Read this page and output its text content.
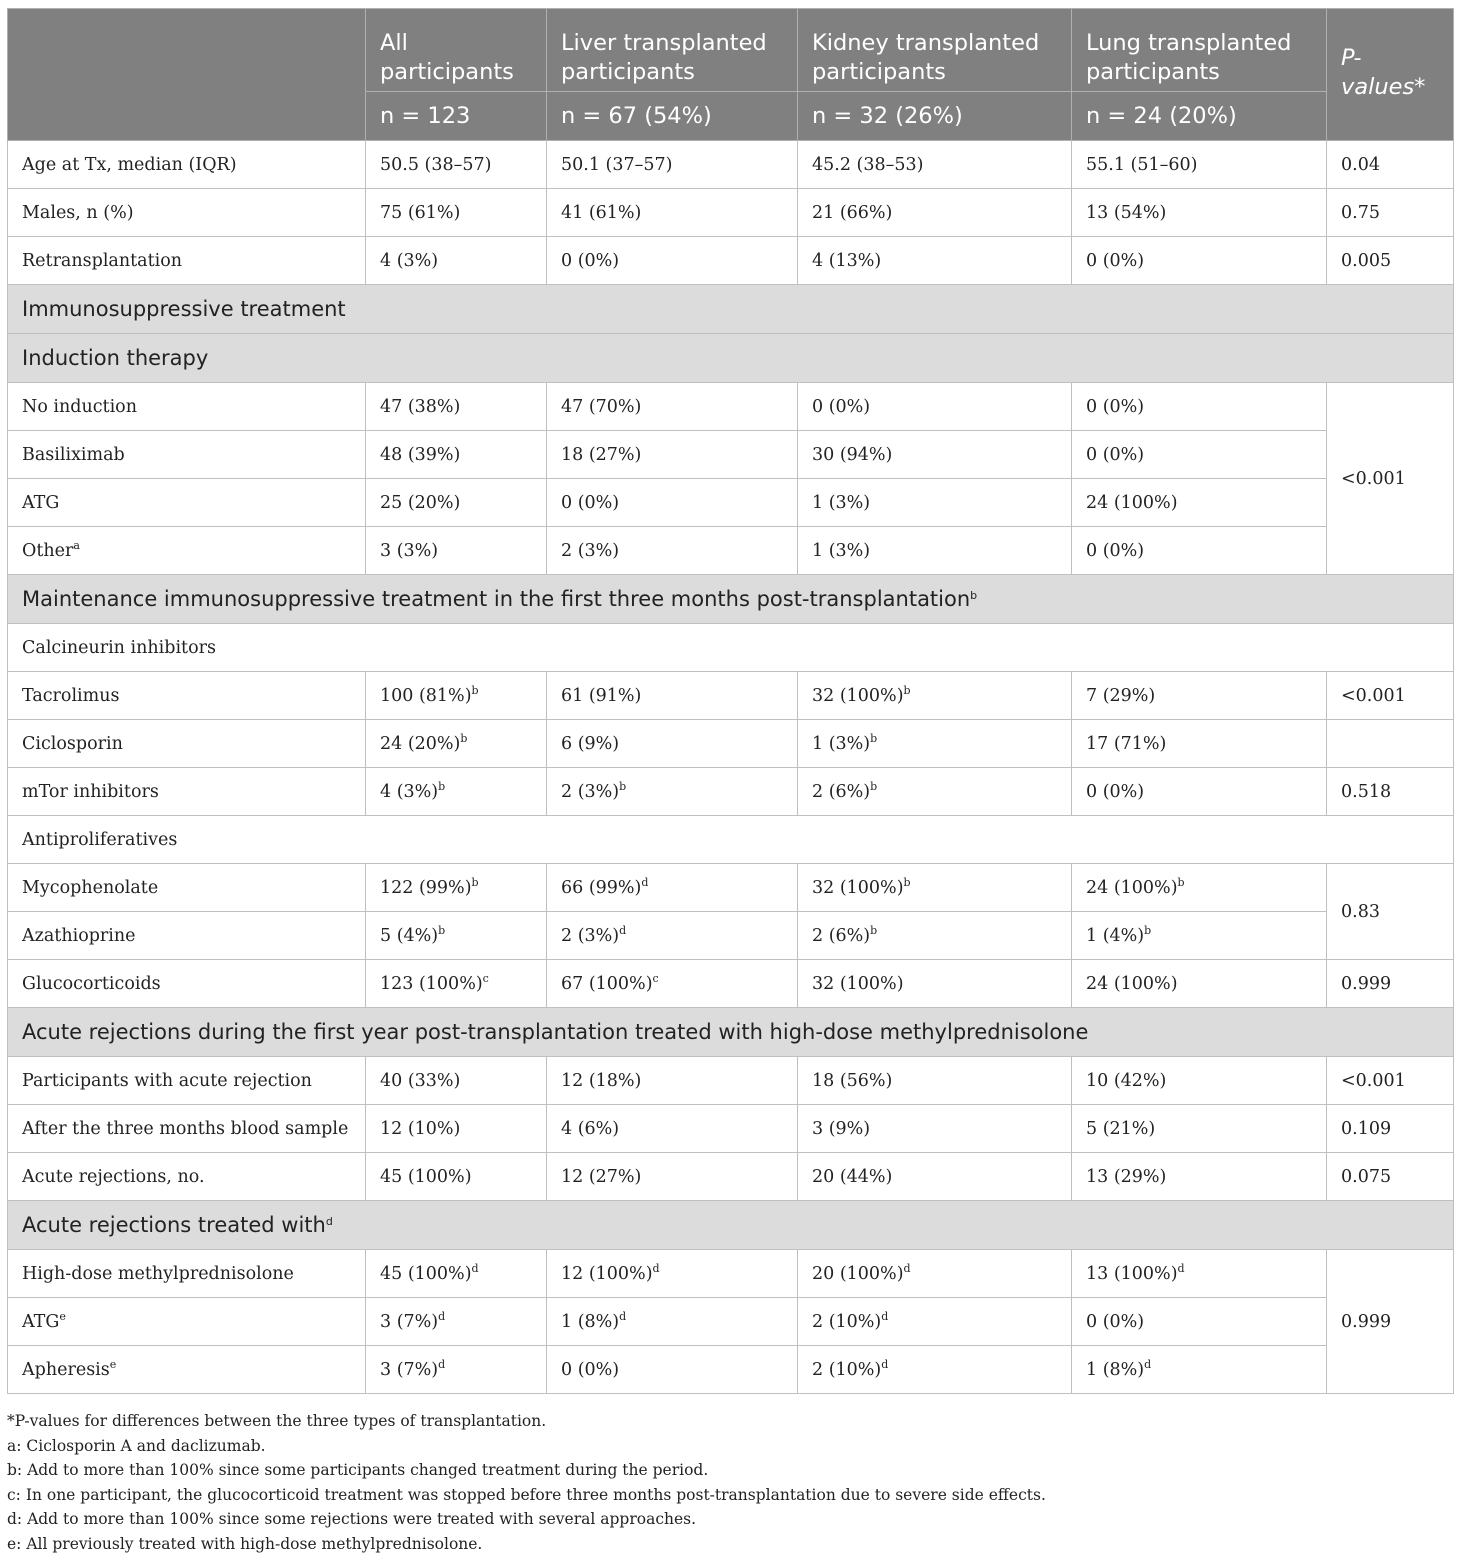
	All participants	Liver transplanted participants	Kidney transplanted participants	Lung transplanted participants	P-values*
	n = 123	n = 67 (54%)	n = 32 (26%)	n = 24 (20%)	
Age at Tx, median (IQR)	50.5 (38–57)	50.1 (37–57)	45.2 (38–53)	55.1 (51–60)	0.04
Males, n (%)	75 (61%)	41 (61%)	21 (66%)	13 (54%)	0.75
Retransplantation	4 (3%)	0 (0%)	4 (13%)	0 (0%)	0.005
Immunosuppressive treatment					
Induction therapy					
No induction	47 (38%)	47 (70%)	0 (0%)	0 (0%)	<0.001
Basiliximab	48 (39%)	18 (27%)	30 (94%)	0 (0%)	
ATG	25 (20%)	0 (0%)	1 (3%)	24 (100%)	
Other$^a$	3 (3%)	2 (3%)	1 (3%)	0 (0%)	
Maintenance immunosuppressive treatment in the first three months post-transplantation$^b$
Calcineurin inhibitors					
Tacrolimus	100 $(81\%)^b$	61 (91%)	32 $(100\%)^b$	7 (29%)	<0.001
Ciclosporin	24 $(20\%)^b$	6 (9%)	1 $(3\%)^b$	17 (71%)	
mTor inhibitors	4 $(3\%)^b$	2 $(3\%)^b$	2 $(6\%)^b$	0 (0%)	0.518
Antiproliferatives					
Mycophenolate	122 $(99\%)^b$	66 $(99\%)^d$	32 $(100\%)^b$	24 $(100\%)^b$	0.83
Azathioprine	5 $(4\%)^b$	2 $(3\%)^d$	2 $(6\%)^b$	1 $(4\%)^b$
Glucocorticoids	123 $(100\%)^c$	67 $(100\%)^c$	32 (100%)	24 (100%)	0.999
Acute rejections during the first year post-transplantation treated with high-dose methylprednisolone					
Participants with acute rejection	40 (33%)	12 (18%)	18 (56%)	10 (42%)	<0.001
After the three months blood sample	12 (10%)	4 (6%)	3 (9%)	5 (21%)	0.109
Acute rejections, no.	45 (100%)	12 (27%)	20 (44%)	13 (29%)	0.075
Acute rejections treated with$^d$
High-dose methylprednisolone	45 $(100\%)^d$	12 $(100\%)^d$	20 $(100\%)^d$	13 $(100\%)^d$	0.999
ATG$^e$	3 $(7\%)^d$	1 $(8\%)^d$	2 $(10\%)^d$	0 (0%)	
Apheresis$^e$	3 $(7\%)^d$	0 (0%)	2 $(10\%)^d$	1 $(8\%)^d$
*P-values for differences between the three types of transplantation.
a: Ciclosporin A and daclizumab.
b: Add to more than 100% since some participants changed treatment during the period.
c: In one participant, the glucocorticoid treatment was stopped before three months post-transplantation due to severe side effects.
d: Add to more than 100% since some rejections were treated with several approaches.
e: All previously treated with high-dose methylprednisolone.
